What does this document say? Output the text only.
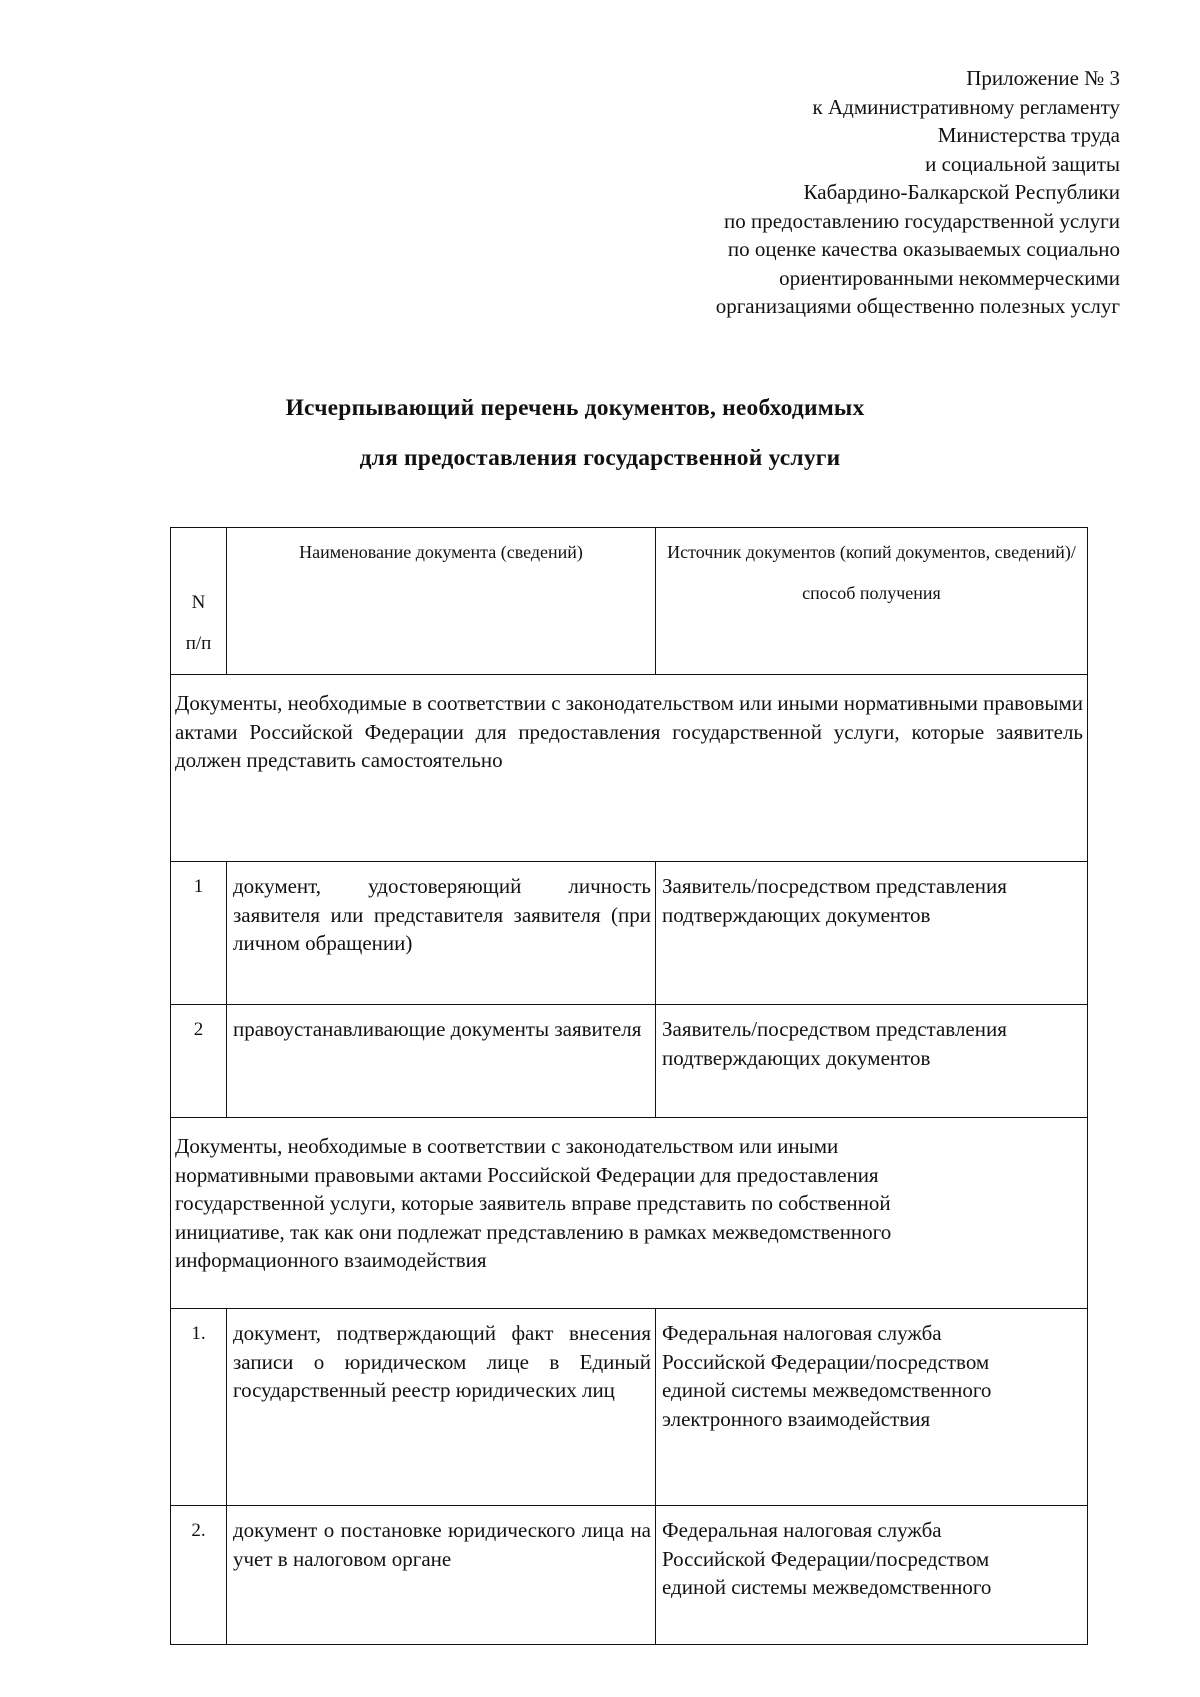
Приложение № 3
к Административному регламенту
Министерства труда
и социальной защиты
Кабардино-Балкарской Республики
по предоставлению государственной услуги
по оценке качества оказываемых социально
ориентированными некоммерческими
организациями общественно полезных услуг
Исчерпывающий перечень документов, необходимых
для предоставления государственной услуги
N
п/п	Наименование документа (сведений)	Источник документов (копий документов, сведений)/
способ получения

Документы, необходимые в соответствии с законодательством или иными нормативными правовыми актами Российской Федерации для предоставления государственной услуги, которые заявитель должен представить самостоятельно		
1	документ, удостоверяющий личность заявителя или представителя заявителя (при личном обращении)	Заявитель/посредством представления подтверждающих документов
2	правоустанавливающие документы заявителя	Заявитель/посредством представления подтверждающих документов

Документы, необходимые в соответствии с законодательством или иными
нормативными правовыми актами Российской Федерации для предоставления
государственной услуги, которые заявитель вправе представить по собственной
инициативе, так как они подлежат представлению в рамках межведомственного
информационного взаимодействия		

1.	документ, подтверждающий факт внесения записи о юридическом лице в Единый государственный реестр юридических лиц	Федеральная налоговая служба
Российской Федерации/посредством
единой системы межведомственного
электронного взаимодействия

2.	документ о постановке юридического лица на учет в налоговом органе	Федеральная налоговая служба
Российской Федерации/посредством
единой системы межведомственного
